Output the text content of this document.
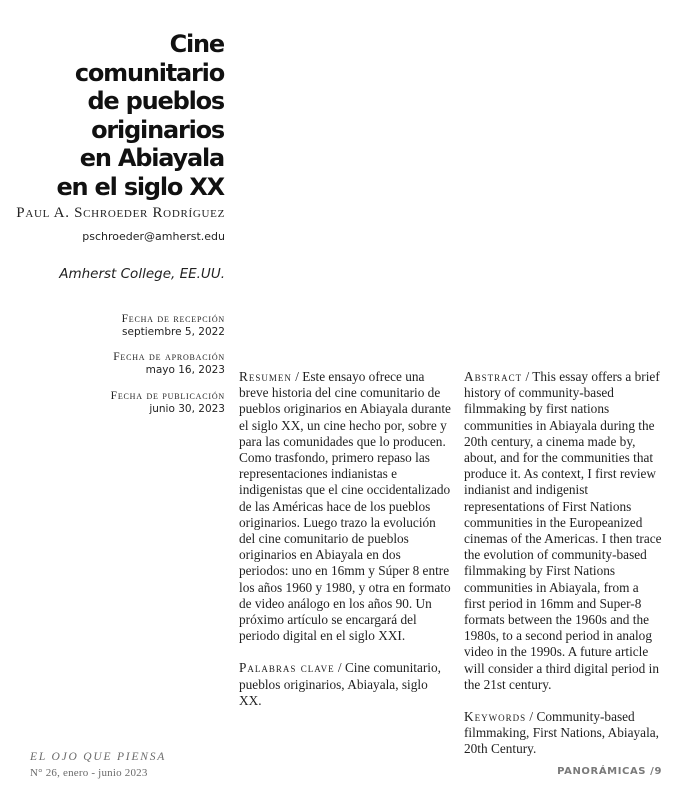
Cine comunitario
de pueblos
originarios
en Abiayala
en el siglo XX
Paul A. Schroeder Rodríguez
pschroeder@amherst.edu
Amherst College, EE.UU.
Fecha de recepción
septiembre 5, 2022
Fecha de aprobación
mayo 16, 2023
Fecha de publicación
junio 30, 2023

Resumen / Este ensayo ofrece una breve historia del cine comunitario de pueblos originarios en Abiayala durante el siglo XX, un cine hecho por, sobre y para las comunidades que lo producen. Como trasfondo, primero repaso las representaciones indianistas e indigenistas que el cine occidentalizado de las Américas hace de los pueblos originarios. Luego trazo la evolución del cine comunitario de pueblos originarios en Abiayala en dos periodos: uno en 16mm y Súper 8 entre los años 1960 y 1980, y otra en formato de video análogo en los años 90. Un próximo artículo se encargará del periodo digital en el siglo XXI.

Palabras clave / Cine comunitario, pueblos originarios, Abiayala, siglo XX.

Abstract / This essay offers a brief history of community-based filmmaking by first nations communities in Abiayala during the 20th century, a cinema made by, about, and for the communities that produce it. As context, I first review indianist and indigenist representations of First Nations communities in the Europeanized cinemas of the Americas. I then trace the evolution of community-based filmmaking by First Nations communities in Abiayala, from a first period in 16mm and Super-8 formats between the 1960s and the 1980s, to a second period in analog video in the 1990s. A future article will consider a third digital period in the 21st century.

Keywords / Community-based filmmaking, First Nations, Abiayala, 20th Century.

EL OJO QUE PIENSA
N° 26, enero - junio 2023	PANORÁMICAS /9
